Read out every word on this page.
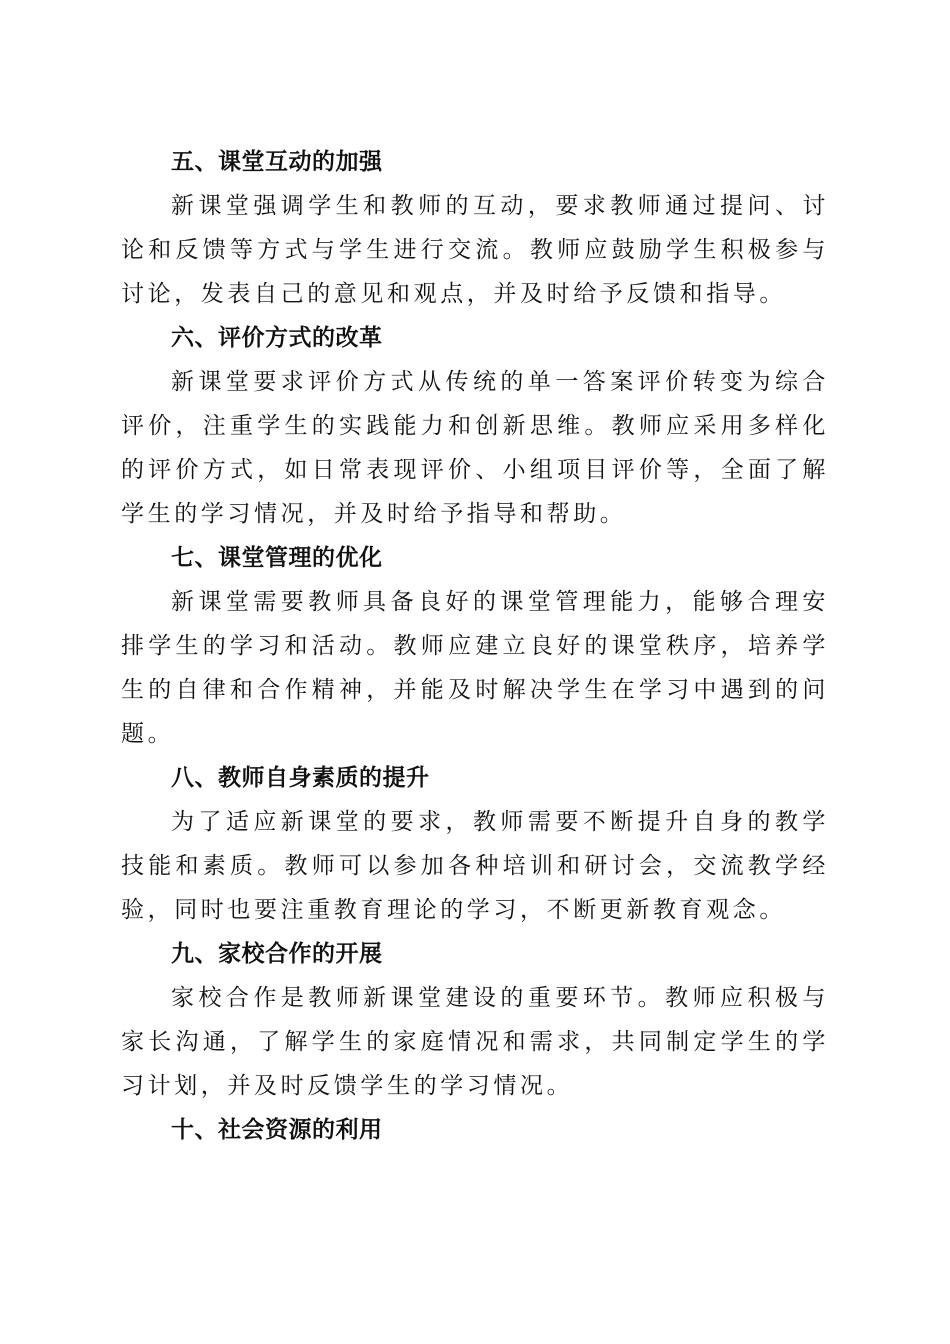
五、课堂互动的加强

新课堂强调学生和教师的互动，要求教师通过提问、讨论和反馈等方式与学生进行交流。教师应鼓励学生积极参与讨论，发表自己的意见和观点，并及时给予反馈和指导。

六、评价方式的改革

新课堂要求评价方式从传统的单一答案评价转变为综合评价，注重学生的实践能力和创新思维。教师应采用多样化的评价方式，如日常表现评价、小组项目评价等，全面了解学生的学习情况，并及时给予指导和帮助。

七、课堂管理的优化

新课堂需要教师具备良好的课堂管理能力，能够合理安排学生的学习和活动。教师应建立良好的课堂秩序，培养学生的自律和合作精神，并能及时解决学生在学习中遇到的问题。

八、教师自身素质的提升

为了适应新课堂的要求，教师需要不断提升自身的教学技能和素质。教师可以参加各种培训和研讨会，交流教学经验，同时也要注重教育理论的学习，不断更新教育观念。

九、家校合作的开展

家校合作是教师新课堂建设的重要环节。教师应积极与家长沟通，了解学生的家庭情况和需求，共同制定学生的学习计划，并及时反馈学生的学习情况。

十、社会资源的利用
